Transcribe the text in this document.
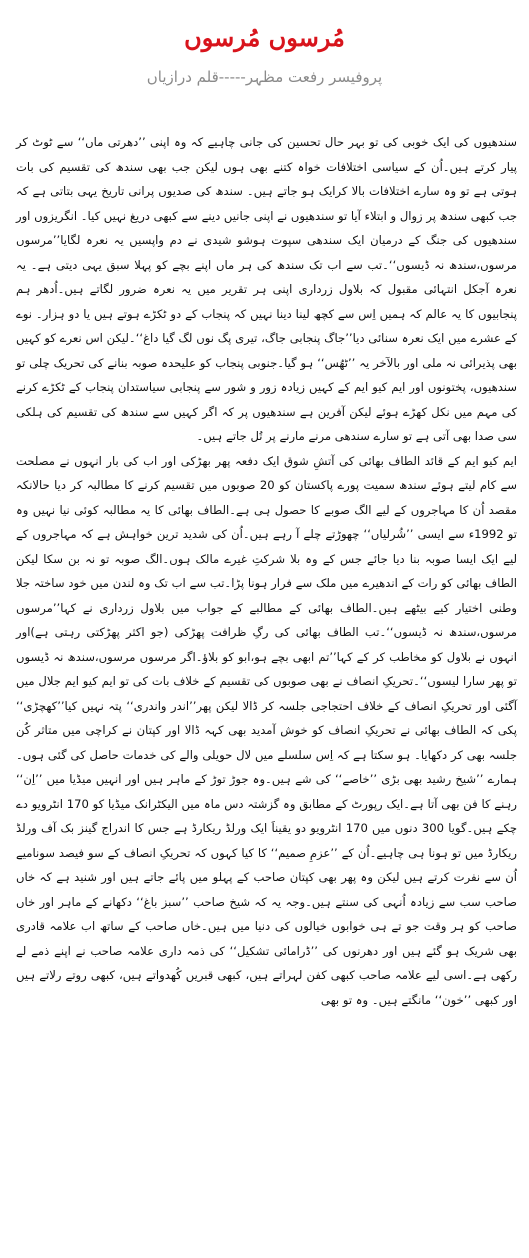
مُرسوں مُرسوں
پروفیسر رفعت مظہر-----قلم درازیاں

سندھیوں کی ایک خوبی کی تو بہر حال تحسین کی جانی چاہیے کہ وہ اپنی ’’دھرتی ماں‘‘ سے ٹوٹ کر پیار کرتے ہیں۔اُن کے سیاسی اختلافات خواہ کتنے بھی ہوں لیکن جب بھی سندھ کی تقسیم کی بات ہوتی ہے تو وہ سارے اختلافات بالا کرایک ہو جاتے ہیں۔ سندھ کی صدیوں پرانی تاریخ یہی بتاتی ہے کہ جب کبھی سندھ پر زوال و ابتلاء آیا تو سندھیوں نے اپنی جانیں دینے سے کبھی دریغ نہیں کیا۔ انگریزوں اور سندھیوں کی جنگ کے درمیان ایک سندھی سپوت ہوشو شیدی نے دم واپسیں یہ نعرہ لگایا’’مرسوں مرسوں،سندھ نہ ڈیسوں‘‘۔تب سے اب تک سندھ کی ہر ماں اپنے بچے کو پہلا سبق یہی دیتی ہے۔ یہ نعرہ آجکل انتہائی مقبول کہ بلاول زرداری اپنی ہر تقریر میں یہ نعرہ ضرور لگاتے ہیں۔اُدھر ہم پنجابیوں کا یہ عالم کہ ہمیں اِس سے کچھ لینا دینا نہیں کہ پنجاب کے دو ٹکڑے ہوتے ہیں یا دو ہزار۔ نوے کے عشرے میں ایک نعرہ سنائی دیا’’جاگ پنجابی جاگ، تیری پگ نوں لگ گیا داغ‘‘۔لیکن اس نعرے کو کہیں بھی پذیرائی نہ ملی اور بالآخر یہ ’’ٹھُس‘‘ ہو گیا۔جنوبی پنجاب کو علیحدہ صوبہ بنانے کی تحریک چلی تو سندھیوں، پختونوں اور ایم کیو ایم کے کہیں زیادہ زور و شور سے پنجابی سیاستدان پنجاب کے ٹکڑے کرنے کی مہم میں نکل کھڑے ہوئے لیکن آفرین ہے سندھیوں پر کہ اگر کہیں سے سندھ کی تقسیم کی ہلکی سی صدا بھی آتی ہے تو سارے سندھی مرنے مارنے پر تُل جاتے ہیں۔

ایم کیو ایم کے قائد الطاف بھائی کی آتشِ شوق ایک دفعہ پھر بھڑکی اور اب کی بار انہوں نے مصلحت سے کام لیتے ہوئے سندھ سمیت پورے پاکستان کو 20 صوبوں میں تقسیم کرنے کا مطالبہ کر دیا حالانکہ مقصد اُن کا مہاجروں کے لیے الگ صوبے کا حصول ہی ہے۔الطاف بھائی کا یہ مطالبہ کوئی نیا نہیں وہ تو 1992ء سے ایسی ’’شُرلیاں‘‘ چھوڑتے چلے آ رہے ہیں۔اُن کی شدید ترین خواہش ہے کہ مہاجروں کے لیے ایک ایسا صوبہ بنا دیا جائے جس کے وہ بلا شرکتِ غیرے مالک ہوں۔الگ صوبہ تو نہ بن سکا لیکن الطاف بھائی کو رات کے اندھیرے میں ملک سے فرار ہونا پڑا۔تب سے اب تک وہ لندن میں خود ساختہ جلا وطنی اختیار کیے بیٹھے ہیں۔الطاف بھائی کے مطالبے کے جواب میں بلاول زرداری نے کہا’’مرسوں مرسوں،سندھ نہ ڈیسوں‘‘۔تب الطاف بھائی کی رگِ ظرافت پھڑکی (جو اکثر پھڑکتی رہتی ہے)اور انہوں نے بلاول کو مخاطب کر کے کہا’’تم ابھی بچے ہو،ابو کو بلاؤ۔اگر مرسوں مرسوں،سندھ نہ ڈیسوں تو پھر سارا لیسوں‘‘۔تحریکِ انصاف نے بھی صوبوں کی تقسیم کے خلاف بات کی تو ایم کیو ایم جلال میں آگئی اور تحریکِ انصاف کے خلاف احتجاجی جلسہ کر ڈالا لیکن پھر’’اندر واندری‘‘ پتہ نہیں کیا’’کھچڑی‘‘ پکی کہ الطاف بھائی نے تحریکِ انصاف کو خوش آمدید بھی کہہ ڈالا اور کپتان نے کراچی میں متاثر کُن جلسہ بھی کر دکھایا۔ ہو سکتا ہے کہ اِس سلسلے میں لال حویلی والے کی خدمات حاصل کی گئی ہوں۔ ہمارے ’’شیخ رشید بھی بڑی ’’خاصے‘‘ کی شے ہیں۔وہ جوڑ توڑ کے ماہر ہیں اور انہیں میڈیا میں ’’اِن‘‘ رہنے کا فن بھی آتا ہے۔ایک رپورٹ کے مطابق وہ گزشتہ دس ماہ میں الیکٹرانک میڈیا کو 170 انٹرویو دے چکے ہیں۔گویا 300 دنوں میں 170 انٹرویو دو یقیناََ ایک ورلڈ ریکارڈ ہے جس کا اندراج گینز بک آف ورلڈ ریکارڈ میں تو ہونا ہی چاہیے۔اُن کے ’’عزمِ صمیم‘‘ کا کیا کہوں کہ تحریکِ انصاف کے سو فیصد سونامیے اُن سے نفرت کرتے ہیں لیکن وہ پھر بھی کپتان صاحب کے پہلو میں پائے جاتے ہیں اور شنید ہے کہ خاں صاحب سب سے زیادہ اُنہی کی سنتے ہیں۔وجہ یہ کہ شیخ صاحب ’’سبز باغ‘‘ دکھانے کے ماہر اور خاں صاحب کو ہر وقت جو تے ہی خوابوں خیالوں کی دنیا میں ہیں۔خاں صاحب کے ساتھ اب علامہ قادری بھی شریک ہو گئے ہیں اور دھرنوں کی ’’ڈرامائی تشکیل‘‘ کی ذمہ داری علامہ صاحب نے اپنے ذمے لے رکھی ہے۔اسی لیے علامہ صاحب کبھی کفن لہراتے ہیں، کبھی قبریں کُھدواتے ہیں، کبھی روتے رلاتے ہیں اور کبھی ’’خون‘‘ مانگتے ہیں۔ وہ تو بھی
